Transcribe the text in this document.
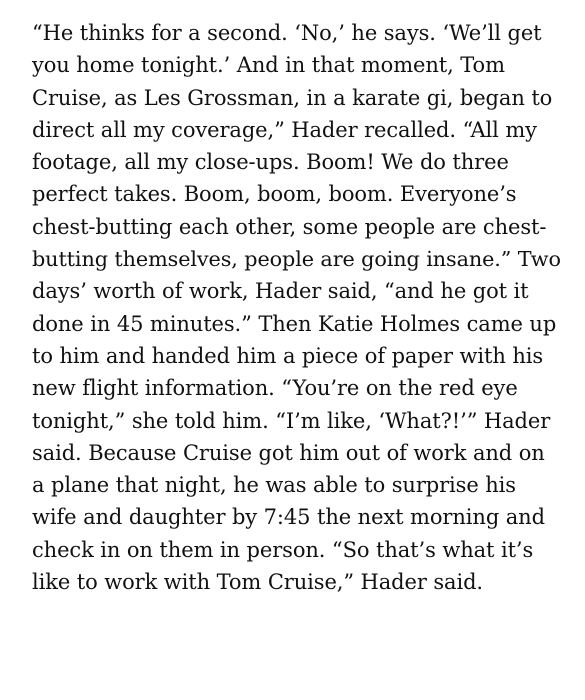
“He thinks for a second. ‘No,’ he says. ‘We’ll get
you home tonight.’ And in that moment, Tom
Cruise, as Les Grossman, in a karate gi, began to
direct all my coverage,” Hader recalled. “All my
footage, all my close-ups. Boom! We do three
perfect takes. Boom, boom, boom. Everyone’s
chest-butting each other, some people are chest-
butting themselves, people are going insane.” Two
days’ worth of work, Hader said, “and he got it
done in 45 minutes.” Then Katie Holmes came up
to him and handed him a piece of paper with his
new flight information. “You’re on the red eye
tonight,” she told him. “I’m like, ‘What?!’” Hader
said. Because Cruise got him out of work and on
a plane that night, he was able to surprise his
wife and daughter by 7:45 the next morning and
check in on them in person. “So that’s what it’s
like to work with Tom Cruise,” Hader said.
